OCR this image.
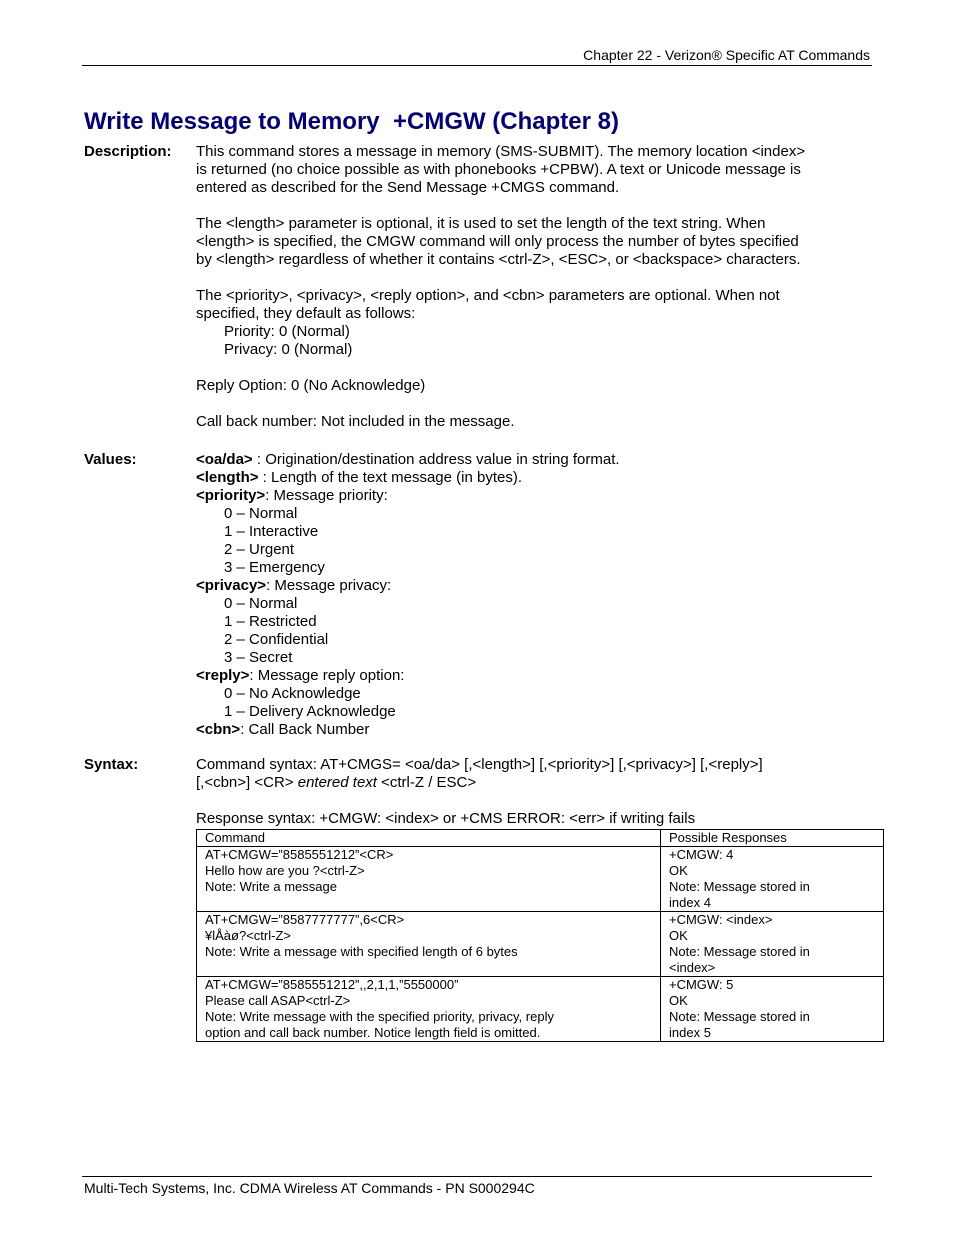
Chapter 22 - Verizon® Specific AT Commands
Write Message to Memory  +CMGW (Chapter 8)
Description: This command stores a message in memory (SMS-SUBMIT). The memory location <index>

is returned (no choice possible as with phonebooks +CPBW). A text or Unicode message is

entered as described for the Send Message +CMGS command.

The <length> parameter is optional, it is used to set the length of the text string. When

<length> is specified, the CMGW command will only process the number of bytes specified

by <length> regardless of whether it contains <ctrl-Z>, <ESC>, or <backspace> characters.

The <priority>, <privacy>, <reply option>, and <cbn> parameters are optional. When not

specified, they default as follows:

Priority: 0 (Normal)

Privacy: 0 (Normal)

Reply Option: 0 (No Acknowledge)

Call back number: Not included in the message.

Values:	<oa/da> : Origination/destination address value in string format.

<length> : Length of the text message (in bytes).

<priority>: Message priority:

0 – Normal

1 – Interactive

2 – Urgent

3 – Emergency

<privacy>: Message privacy:

0 – Normal

1 – Restricted

2 – Confidential

3 – Secret

<reply>: Message reply option:

0 – No Acknowledge

1 – Delivery Acknowledge

<cbn>: Call Back Number

Syntax:	Command syntax: AT+CMGS= <oa/da> [,<length>] [,<priority>] [,<privacy>] [,<reply>]

[,<cbn>] <CR> entered text <ctrl-Z / ESC>

Response syntax: +CMGW: <index> or +CMS ERROR: <err> if writing fails

Command	Possible Responses

AT+CMGW=”8585551212”<CR>
Hello how are you ?<ctrl-Z>
Note: Write a message	+CMGW: 4
OK
Note: Message stored in
index 4

AT+CMGW=”8587777777”,6<CR>
¥lÅàø?<ctrl-Z>
Note: Write a message with specified length of 6 bytes	+CMGW: <index>
OK
Note: Message stored in
<index>

AT+CMGW=”8585551212”,,2,1,1,”5550000”
Please call ASAP<ctrl-Z>
Note: Write message with the specified priority, privacy, reply
option and call back number. Notice length field is omitted.	+CMGW: 5
OK
Note: Message stored in
index 5
Multi-Tech Systems, Inc. CDMA Wireless AT Commands - PN S000294C
